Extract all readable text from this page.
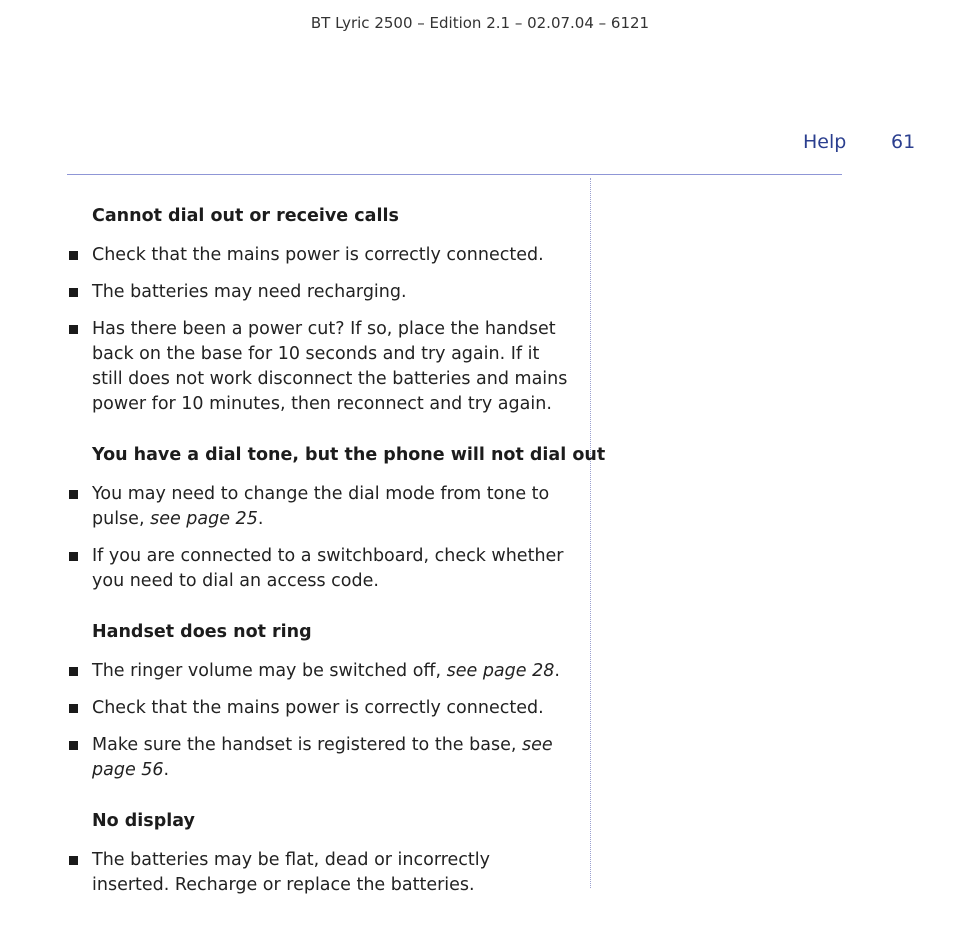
BT Lyric 2500 – Edition 2.1 – 02.07.04 – 6121
Help 61
Cannot dial out or receive calls
Check that the mains power is correctly connected.
The batteries may need recharging.
Has there been a power cut? If so, place the handset back on the base for 10 seconds and try again. If it still does not work disconnect the batteries and mains power for 10 minutes, then reconnect and try again.
You have a dial tone, but the phone will not dial out
You may need to change the dial mode from tone to pulse, see page 25.
If you are connected to a switchboard, check whether you need to dial an access code.
Handset does not ring
The ringer volume may be switched off, see page 28.
Check that the mains power is correctly connected.
Make sure the handset is registered to the base, see page 56.
No display
The batteries may be flat, dead or incorrectly inserted. Recharge or replace the batteries.
